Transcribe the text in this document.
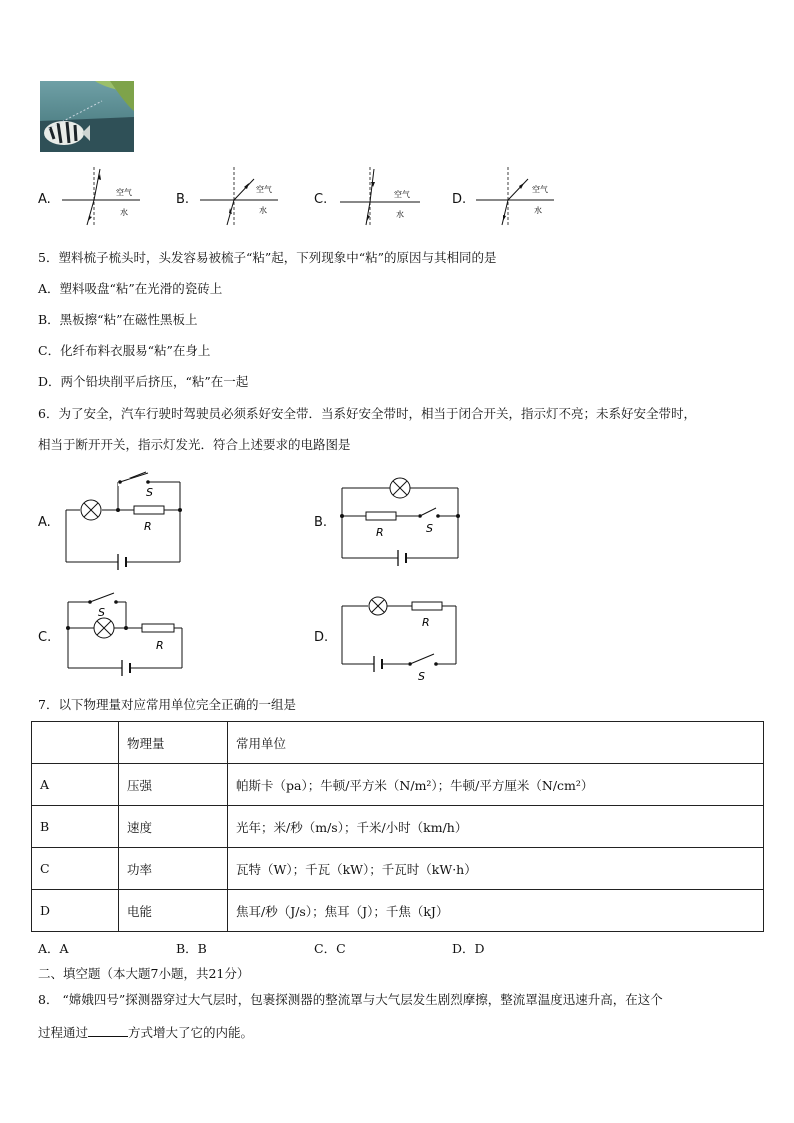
A.	B.	C.	D.
空气
水
空气
水
空气
水
空气
水
5．塑料梳子梳头时，头发容易被梳子“粘”起，下列现象中“粘”的原因与其相同的是
A．塑料吸盘“粘”在光滑的瓷砖上
B．黑板擦“粘”在磁性黑板上
C．化纤布料衣服易“粘”在身上
D．两个铅块削平后挤压，“粘”在一起
6．为了安全，汽车行驶时驾驶员必须系好安全带．当系好安全带时，相当于闭合开关，指示灯不亮；未系好安全带时，
相当于断开开关，指示灯发光．符合上述要求的电路图是
A.	B.
C.	D.
S
R	R	S
S
R
R
S
7．以下物理量对应常用单位完全正确的一组是
	物理量	常用单位
A	压强	帕斯卡（pa）；牛顿/平方米（N/m²）；牛顿/平方厘米（N/cm²）
B	速度	光年；米/秒（m/s）；千米/小时（km/h）
C	功率	瓦特（W）；千瓦（kW）；千瓦时（kW·h）
D	电能	焦耳/秒（J/s）；焦耳（J）；千焦（kJ）
A．A	B．B	C．C	D．D
二、填空题（本大题7小题，共21分）
8． “嫦娥四号”探测器穿过大气层时，包裹探测器的整流罩与大气层发生剧烈摩擦，整流罩温度迅速升高，在这个
过程通过	方式增大了它的内能。
